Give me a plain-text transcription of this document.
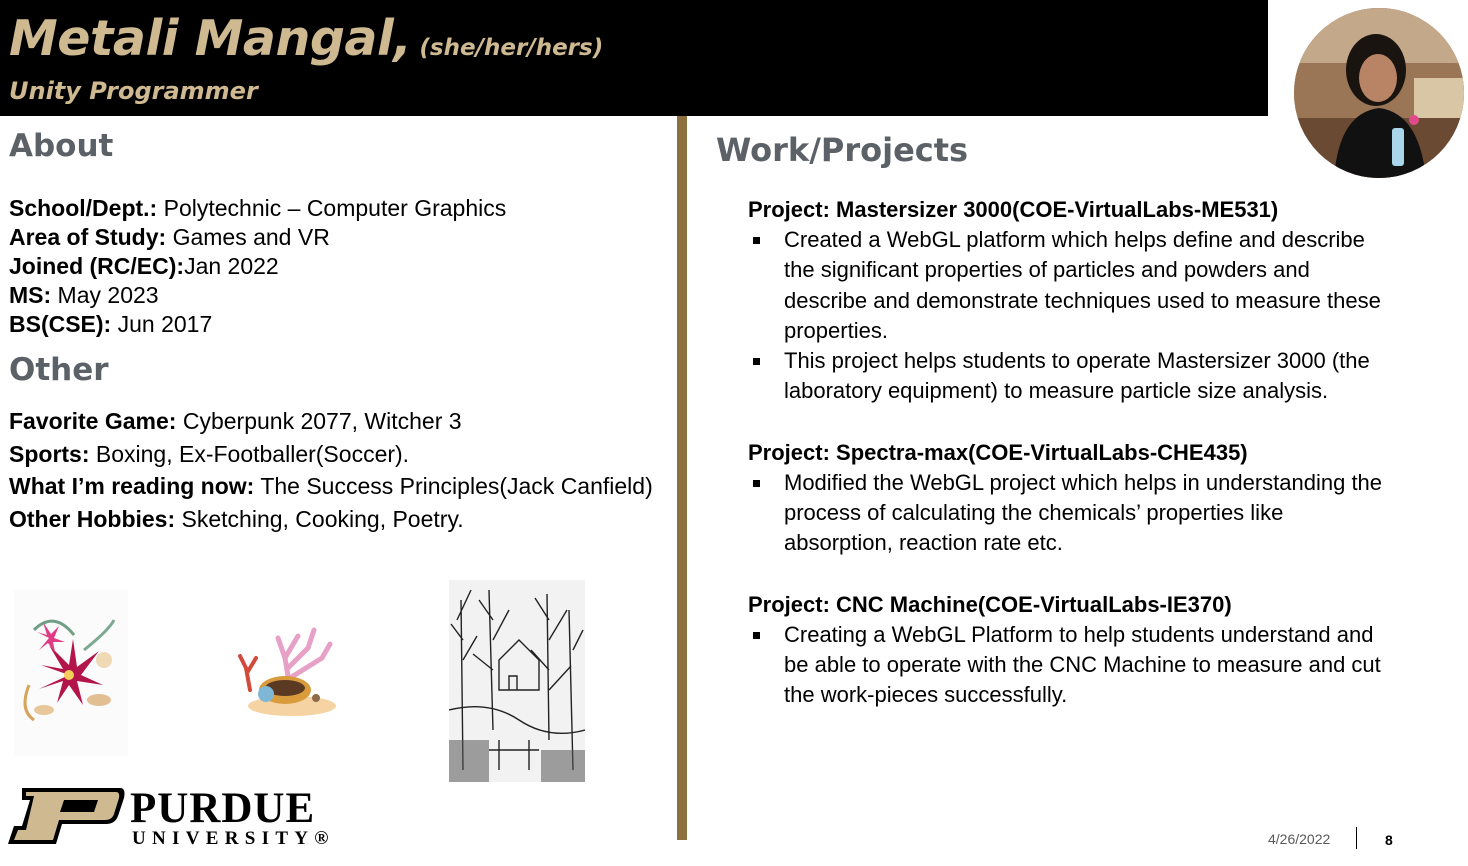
Metali Mangal, (she/her/hers)
Unity Programmer
About
School/Dept.: Polytechnic – Computer Graphics
Area of Study: Games and VR
Joined (RC/EC):Jan 2022
MS: May 2023
BS(CSE): Jun 2017
Other
Favorite Game: Cyberpunk 2077, Witcher 3
Sports: Boxing, Ex-Footballer(Soccer).
What I’m reading now: The Success Principles(Jack Canfield)
Other Hobbies: Sketching, Cooking, Poetry.
Work/Projects
Project: Mastersizer 3000(COE-VirtualLabs-ME531)
Created a WebGL platform which helps define and describe the significant properties of particles and powders and describe and demonstrate techniques used to measure these properties.
This project helps students to operate Mastersizer 3000 (the laboratory equipment) to measure particle size analysis.
Project: Spectra-max(COE-VirtualLabs-CHE435)
Modified the WebGL project which helps in understanding the process of calculating the chemicals’ properties like absorption, reaction rate etc.
Project: CNC Machine(COE-VirtualLabs-IE370)
Creating a WebGL Platform to help students understand and be able to operate with the CNC Machine to measure and cut the work-pieces successfully.
PURDUE
UNIVERSITY®	4/26/2022	8
